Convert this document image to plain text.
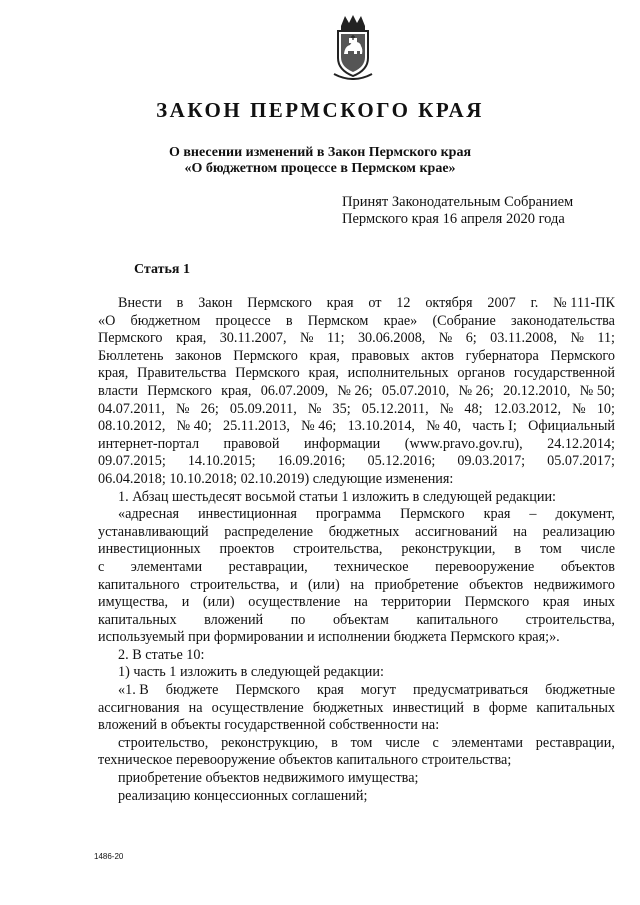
ЗАКОН ПЕРМСКОГО КРАЯ
О внесении изменений в Закон Пермского края
«О бюджетном процессе в Пермском крае»
Принят Законодательным Собранием
Пермского края 16 апреля 2020 года
Статья 1
Внести в Закон Пермского края от 12 октября 2007 г. № 111-ПК
«О бюджетном процессе в Пермском крае» (Собрание законодательства
Пермского края, 30.11.2007, № 11; 30.06.2008, № 6; 03.11.2008, № 11;
Бюллетень законов Пермского края, правовых актов губернатора Пермского
края, Правительства Пермского края, исполнительных органов государственной
власти Пермского края, 06.07.2009, № 26; 05.07.2010, № 26; 20.12.2010, № 50;
04.07.2011, № 26; 05.09.2011, № 35; 05.12.2011, № 48; 12.03.2012, № 10;
08.10.2012, № 40; 25.11.2013, № 46; 13.10.2014, № 40, часть I; Официальный
интернет-портал правовой информации (www.pravo.gov.ru), 24.12.2014;
09.07.2015; 14.10.2015; 16.09.2016; 05.12.2016; 09.03.2017; 05.07.2017;
06.04.2018; 10.10.2018; 02.10.2019) следующие изменения:
1. Абзац шестьдесят восьмой статьи 1 изложить в следующей редакции:
«адресная инвестиционная программа Пермского края – документ,
устанавливающий распределение бюджетных ассигнований на реализацию
инвестиционных проектов строительства, реконструкции, в том числе
с элементами реставрации, техническое перевооружение объектов
капитального строительства, и (или) на приобретение объектов недвижимого
имущества, и (или) осуществление на территории Пермского края иных
капитальных вложений по объектам капитального строительства,
используемый при формировании и исполнении бюджета Пермского края;».
2. В статье 10:
1) часть 1 изложить в следующей редакции:
«1. В бюджете Пермского края могут предусматриваться бюджетные
ассигнования на осуществление бюджетных инвестиций в форме капитальных
вложений в объекты государственной собственности на:
строительство, реконструкцию, в том числе с элементами реставрации,
техническое перевооружение объектов капитального строительства;
приобретение объектов недвижимого имущества;
реализацию концессионных соглашений;
1486-20
